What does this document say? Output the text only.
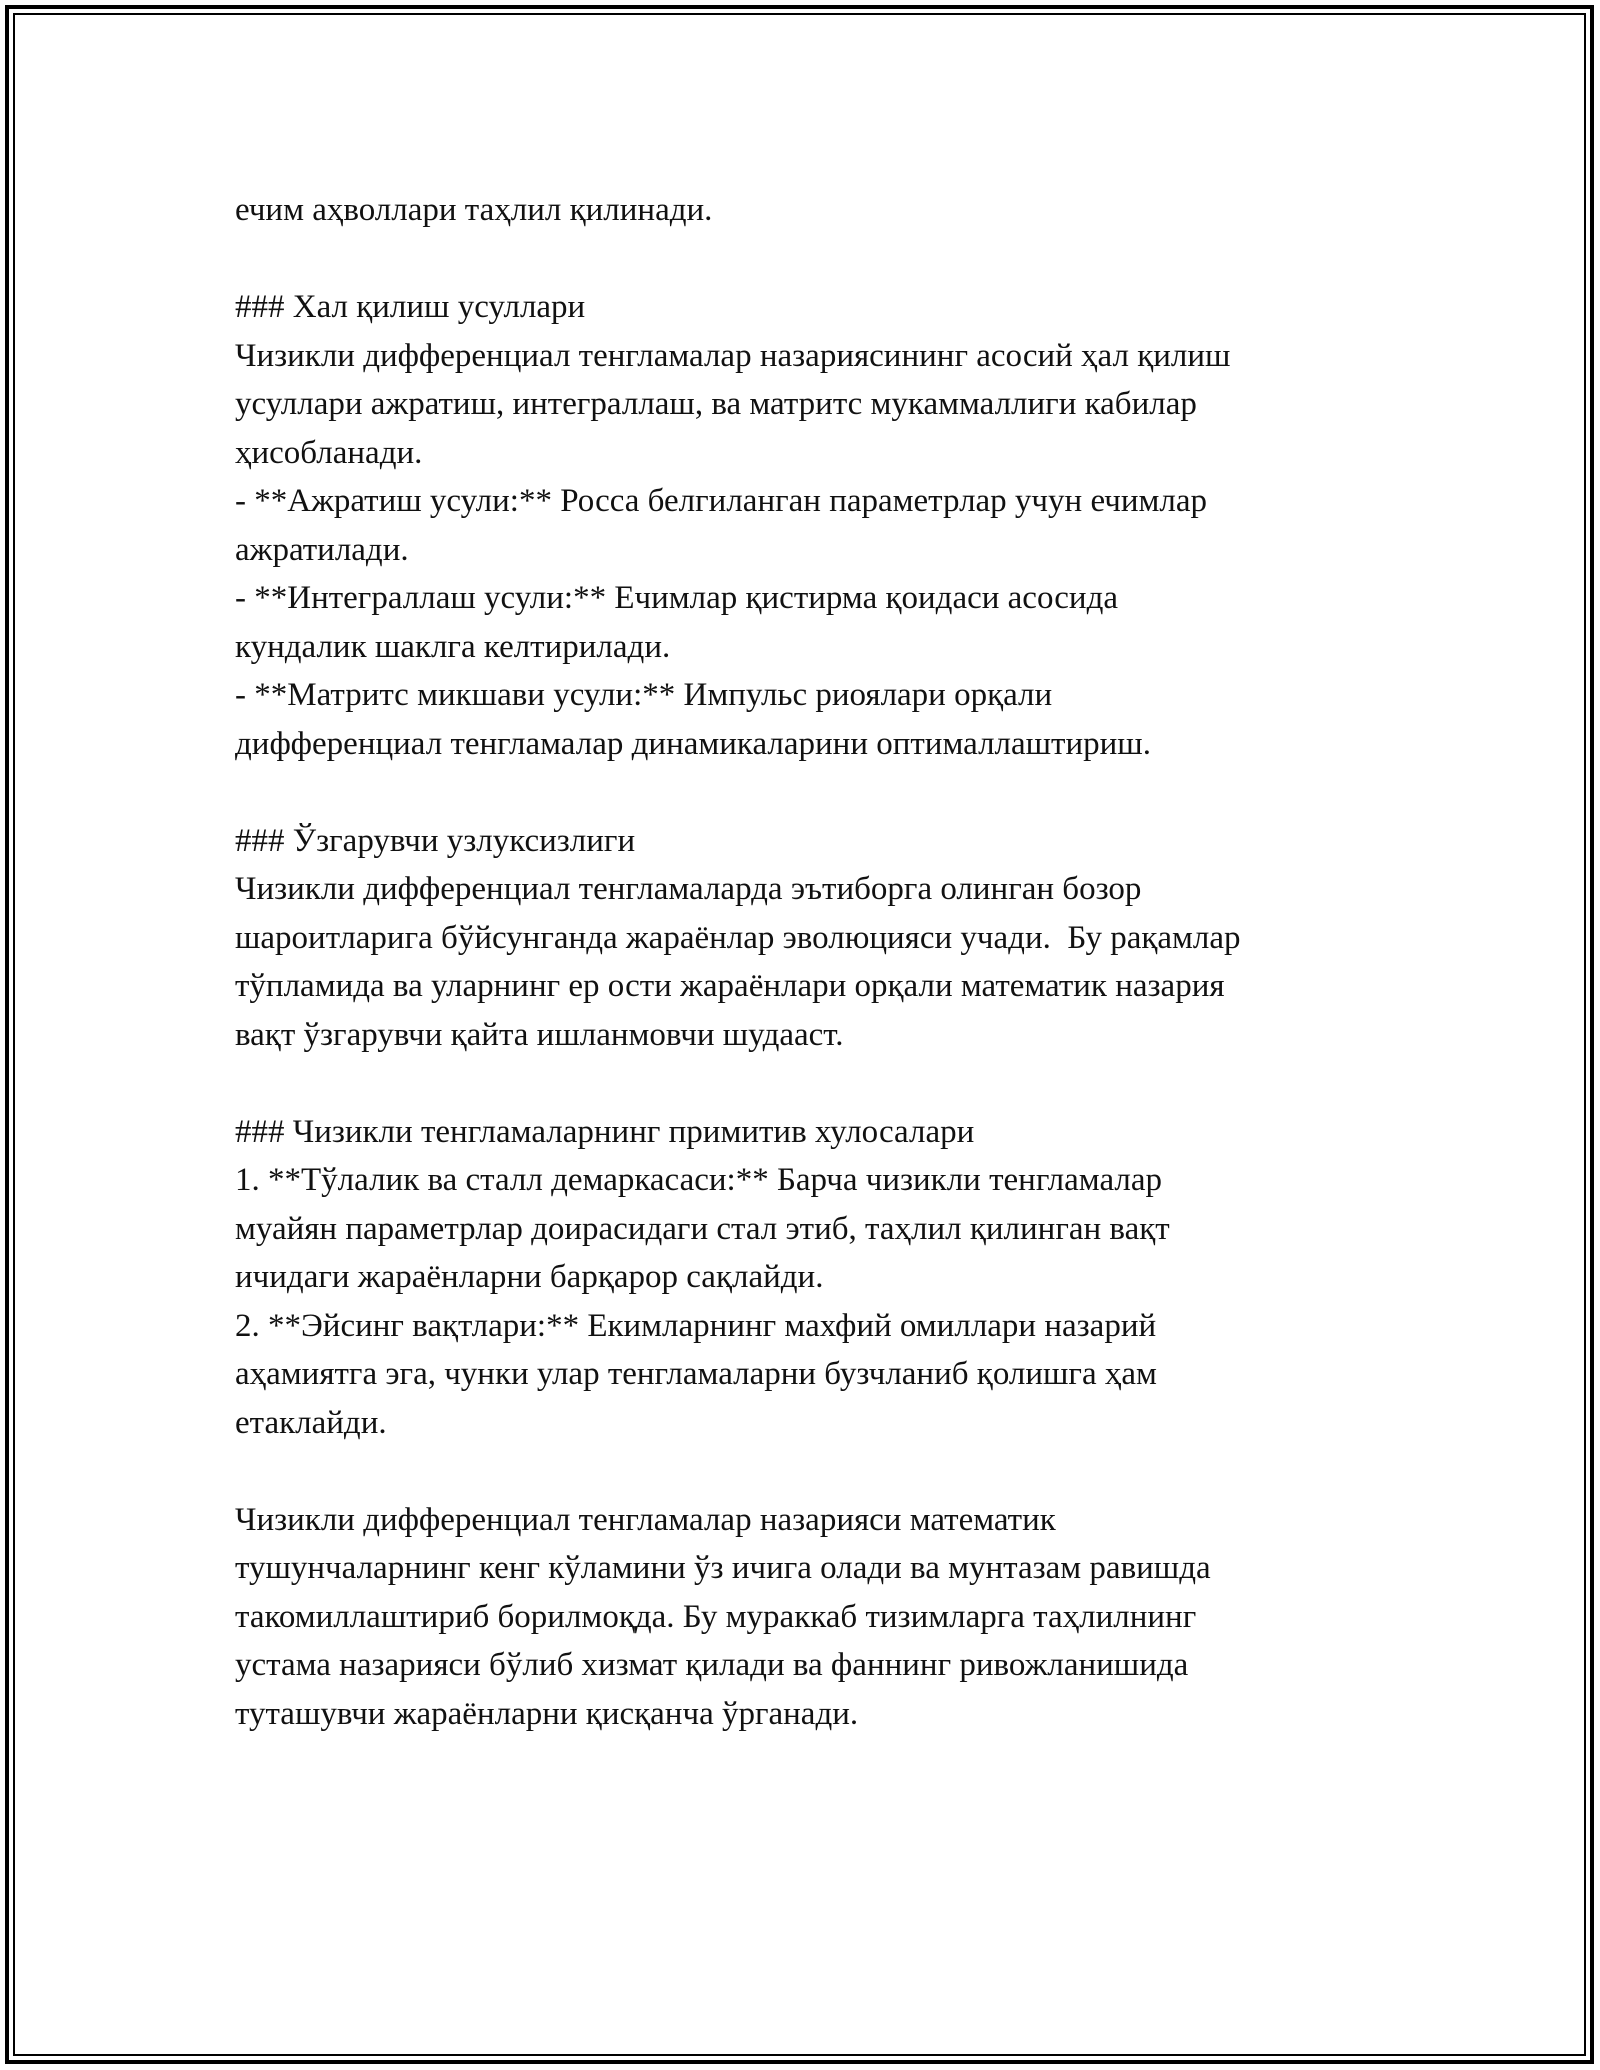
ечим аҳволлари таҳлил қилинади.
### Хал қилиш усуллари
Чизикли дифференциал тенгламалар назариясининг асосий ҳал қилиш
усуллари ажратиш, интеграллаш, ва матритс мукаммаллиги кабилар
ҳисобланади.
- **Ажратиш усули:** Росса белгиланган параметрлар учун ечимлар
ажратилади.
- **Интеграллаш усули:** Ечимлар қистирма қоидаси асосида
кундалик шаклга келтирилади.
- **Матритс микшави усули:** Импульс риоялари орқали
дифференциал тенгламалар динамикаларини оптималлаштириш.
### Ўзгарувчи узлуксизлиги
Чизикли дифференциал тенгламаларда эътиборга олинган бозор
шароитларига бўйсунганда жараёнлар эволюцияси учади.  Бу рақамлар
тўпламида ва уларнинг ер ости жараёнлари орқали математик назария
вақт ўзгарувчи қайта ишланмовчи шудааст.
### Чизикли тенгламаларнинг примитив хулосалари
1. **Тўлалик ва сталл демаркасаси:** Барча чизикли тенгламалар
муайян параметрлар доирасидаги стал этиб, таҳлил қилинган вақт
ичидаги жараёнларни барқарор сақлайди.
2. **Эйсинг вақтлари:** Екимларнинг махфий омиллари назарий
аҳамиятга эга, чунки улар тенгламаларни бузчланиб қолишга ҳам
етаклайди.
Чизикли дифференциал тенгламалар назарияси математик
тушунчаларнинг кенг кўламини ўз ичига олади ва мунтазам равишда
такомиллаштириб борилмоқда. Бу мураккаб тизимларга таҳлилнинг
устама назарияси бўлиб хизмат қилади ва фаннинг ривожланишида
туташувчи жараёнларни қисқанча ўрганади.
